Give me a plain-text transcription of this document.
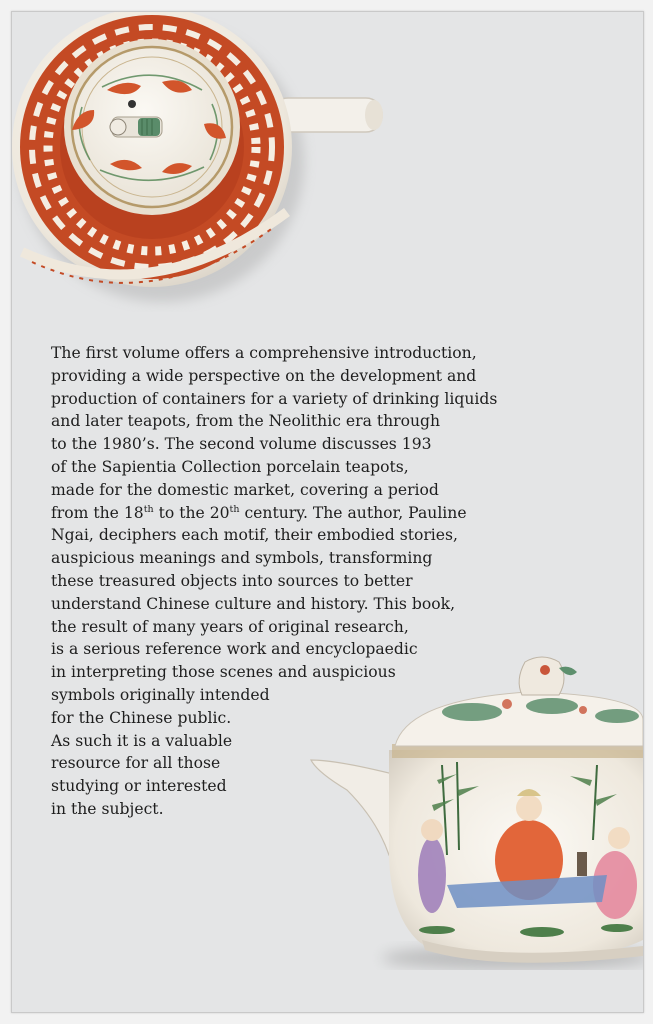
The first volume offers a comprehensive introduction,
providing a wide perspective on the development and
production of containers for a variety of drinking liquids
and later teapots, from the Neolithic era through
to the 1980’s. The second volume discusses 193
of the Sapientia Collection porcelain teapots,
made for the domestic market, covering a period
from the 18th to the 20th century. The author, Pauline
Ngai, deciphers each motif, their embodied stories,
auspicious meanings and symbols, transforming
these treasured objects into sources to better
understand Chinese culture and history. This book,
the result of many years of original research,
is a serious reference work and encyclopaedic
in interpreting those scenes and auspicious
symbols originally intended
for the Chinese public.
As such it is a valuable
resource for all those
studying or interested
in the subject.
